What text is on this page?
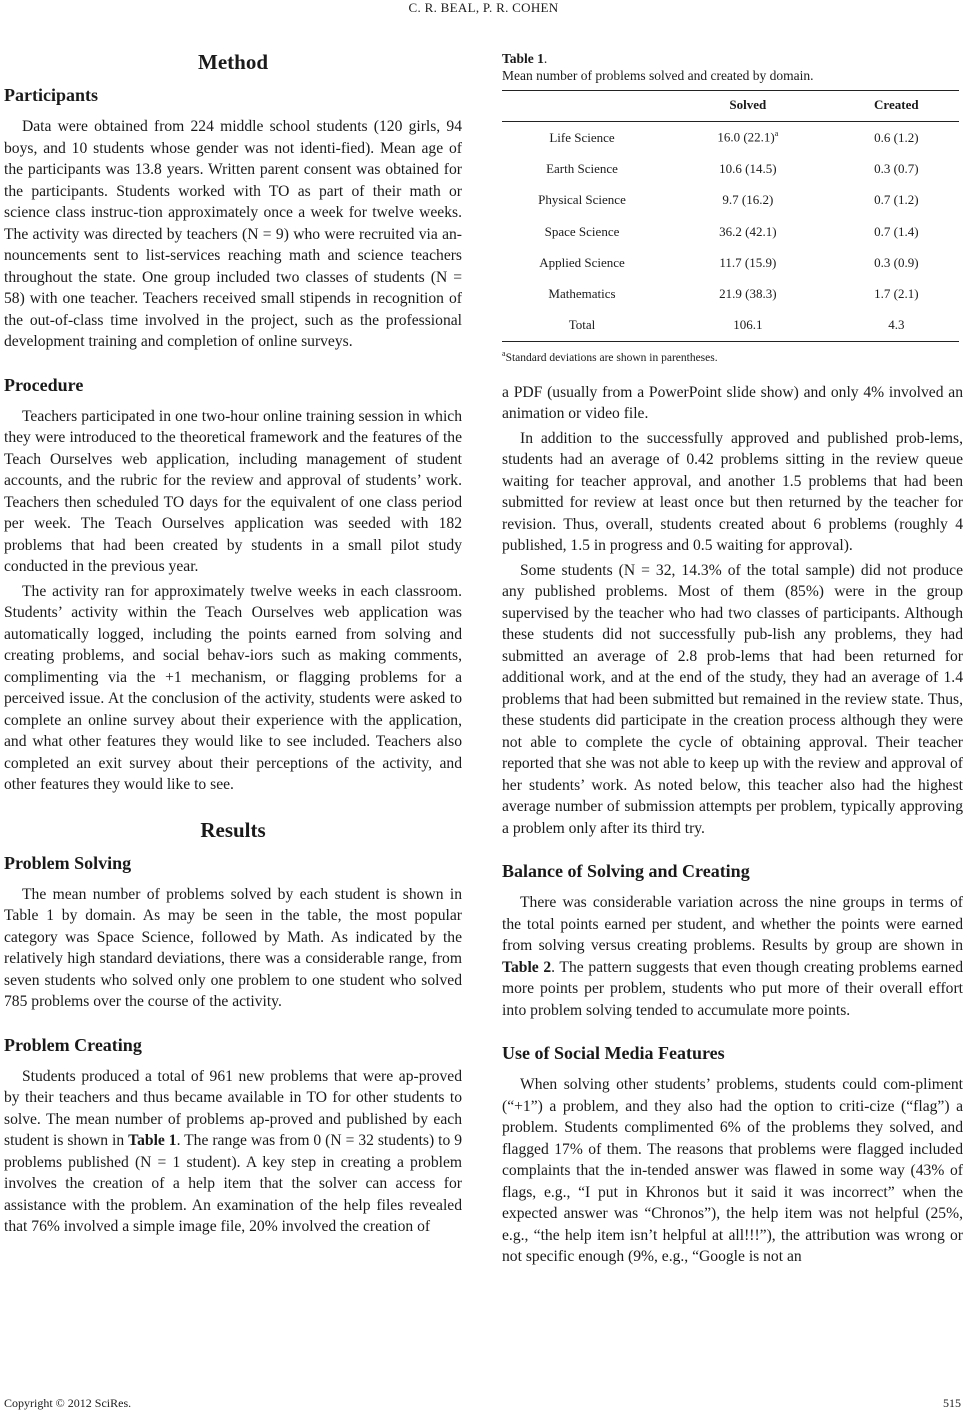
C. R. BEAL, P. R. COHEN
Method
Participants

Data were obtained from 224 middle school students (120 girls, 94 boys, and 10 students whose gender was not identi-fied). Mean age of the participants was 13.8 years. Written parent consent was obtained for the participants. Students worked with TO as part of their math or science class instruc-tion approximately once a week for twelve weeks. The activity was directed by teachers (N = 9) who were recruited via an-nouncements sent to list-services reaching math and science teachers throughout the state. One group included two classes of students (N = 58) with one teacher. Teachers received small stipends in recognition of the out-of-class time involved in the project, such as the professional development training and completion of online surveys.

Procedure

Teachers participated in one two-hour online training session in which they were introduced to the theoretical framework and the features of the Teach Ourselves web application, including management of student accounts, and the rubric for the review and approval of students’ work. Teachers then scheduled TO days for the equivalent of one class period per week. The Teach Ourselves application was seeded with 182 problems that had been created by students in a small pilot study conducted in the previous year.

The activity ran for approximately twelve weeks in each classroom. Students’ activity within the Teach Ourselves web application was automatically logged, including the points earned from solving and creating problems, and social behav-iors such as making comments, complimenting via the +1 mechanism, or flagging problems for a perceived issue. At the conclusion of the activity, students were asked to complete an online survey about their experience with the application, and what other features they would like to see included. Teachers also completed an exit survey about their perceptions of the activity, and other features they would like to see.

Results
Problem Solving

The mean number of problems solved by each student is shown in Table 1 by domain. As may be seen in the table, the most popular category was Space Science, followed by Math. As indicated by the relatively high standard deviations, there was a considerable range, from seven students who solved only one problem to one student who solved 785 problems over the course of the activity.

Problem Creating

Students produced a total of 961 new problems that were ap-proved by their teachers and thus became available in TO for other students to solve. The mean number of problems ap-proved and published by each student is shown in Table 1. The range was from 0 (N = 32 students) to 9 problems published (N = 1 student). A key step in creating a problem involves the creation of a help item that the solver can access for assistance with the problem. An examination of the help files revealed that 76% involved a simple image file, 20% involved the creation of

Table 1.
Mean number of problems solved and created by domain.
	Solved	Created
Life Science	16.0 $(22.1)^a$	0.6 (1.2)
Earth Science	10.6 (14.5)	0.3 (0.7)
Physical Science	9.7 (16.2)	0.7 (1.2)
Space Science	36.2 (42.1)	0.7 (1.4)
Applied Science	11.7 (15.9)	0.3 (0.9)
Mathematics	21.9 (38.3)	1.7 (2.1)
Total	106.1	4.3
$^a$Standard deviations are shown in parentheses.

a PDF (usually from a PowerPoint slide show) and only 4% involved an animation or video file.

In addition to the successfully approved and published prob-lems, students had an average of 0.42 problems sitting in the review queue waiting for teacher approval, and another 1.5 problems that had been submitted for review at least once but then returned by the teacher for revision. Thus, overall, students created about 6 problems (roughly 4 published, 1.5 in progress and 0.5 waiting for approval).

Some students (N = 32, 14.3% of the total sample) did not produce any published problems. Most of them (85%) were in the group supervised by the teacher who had two classes of participants. Although these students did not successfully pub-lish any problems, they had submitted an average of 2.8 prob-lems that had been returned for additional work, and at the end of the study, they had an average of 1.4 problems that had been submitted but remained in the review state. Thus, these students did participate in the creation process although they were not able to complete the cycle of obtaining approval. Their teacher reported that she was not able to keep up with the review and approval of her students’ work. As noted below, this teacher also had the highest average number of submission attempts per problem, typically approving a problem only after its third try.

Balance of Solving and Creating

There was considerable variation across the nine groups in terms of the total points earned per student, and whether the points were earned from solving versus creating problems. Results by group are shown in Table 2. The pattern suggests that even though creating problems earned more points per problem, students who put more of their overall effort into problem solving tended to accumulate more points.

Use of Social Media Features

When solving other students’ problems, students could com-pliment (“+1”) a problem, and they also had the option to criti-cize (“flag”) a problem. Students complimented 6% of the problems they solved, and flagged 17% of them. The reasons that problems were flagged included complaints that the in-tended answer was flawed in some way (43% of flags, e.g., “I put in Khronos but it said it was incorrect” when the expected answer was “Chronos”), the help item was not helpful (25%, e.g., “the help item isn’t helpful at all!!!”), the attribution was wrong or not specific enough (9%, e.g., “Google is not an

Copyright © 2012 SciRes.	515
